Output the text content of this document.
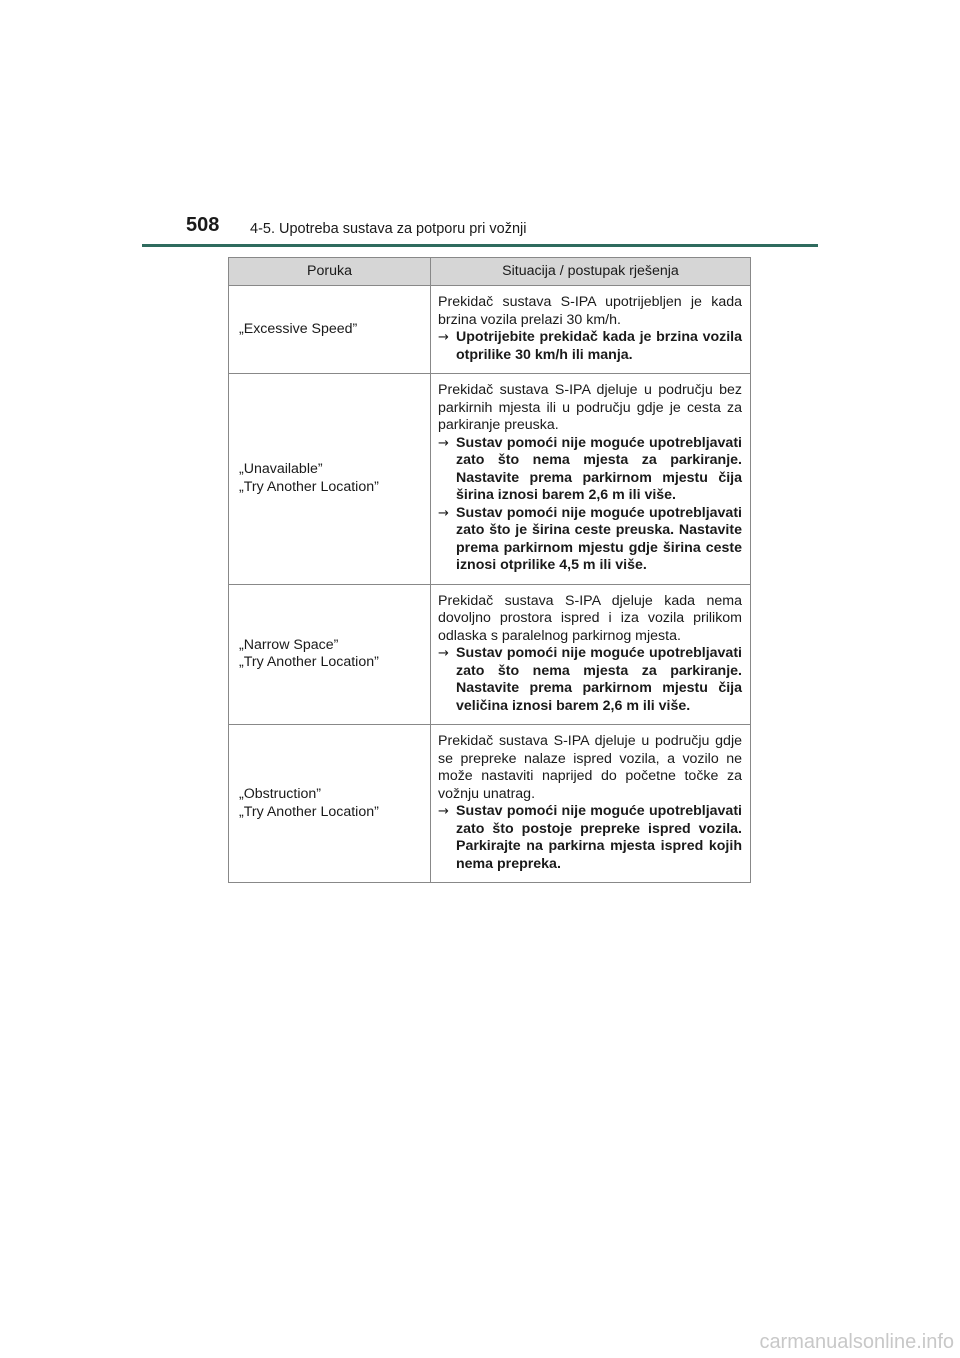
508 4-5. Upotreba sustava za potporu pri vožnji
Poruka	Situacija / postupak rješenja

„Excessive Speed”	Prekidač sustava S-IPA upotrijebljen je kada brzina vozila prelazi 30 km/h.
→ Upotrijebite prekidač kada je brzina vozila otprilike 30 km/h ili manja.

„Unavailable”
„Try Another Location”	Prekidač sustava S-IPA djeluje u području bez parkirnih mjesta ili u području gdje je cesta za parkiranje preuska.
→ Sustav pomoći nije moguće upotrebljavati zato što nema mjesta za parkiranje. Nastavite prema parkirnom mjestu čija širina iznosi barem 2,6 m ili više.
→ Sustav pomoći nije moguće upotrebljavati zato što je širina ceste preuska. Nastavite prema parkirnom mjestu gdje širina ceste iznosi otprilike 4,5 m ili više.

„Narrow Space”
„Try Another Location”	Prekidač sustava S-IPA djeluje kada nema dovoljno prostora ispred i iza vozila prilikom odlaska s paralelnog parkirnog mjesta.
→ Sustav pomoći nije moguće upotrebljavati zato što nema mjesta za parkiranje. Nastavite prema parkirnom mjestu čija veličina iznosi barem 2,6 m ili više.

„Obstruction”
„Try Another Location”	Prekidač sustava S-IPA djeluje u području gdje se prepreke nalaze ispred vozila, a vozilo ne može nastaviti naprijed do početne točke za vožnju unatrag.
→ Sustav pomoći nije moguće upotrebljavati zato što postoje prepreke ispred vozila. Parkirajte na parkirna mjesta ispred kojih nema prepreka.
carmanualsonline.info
